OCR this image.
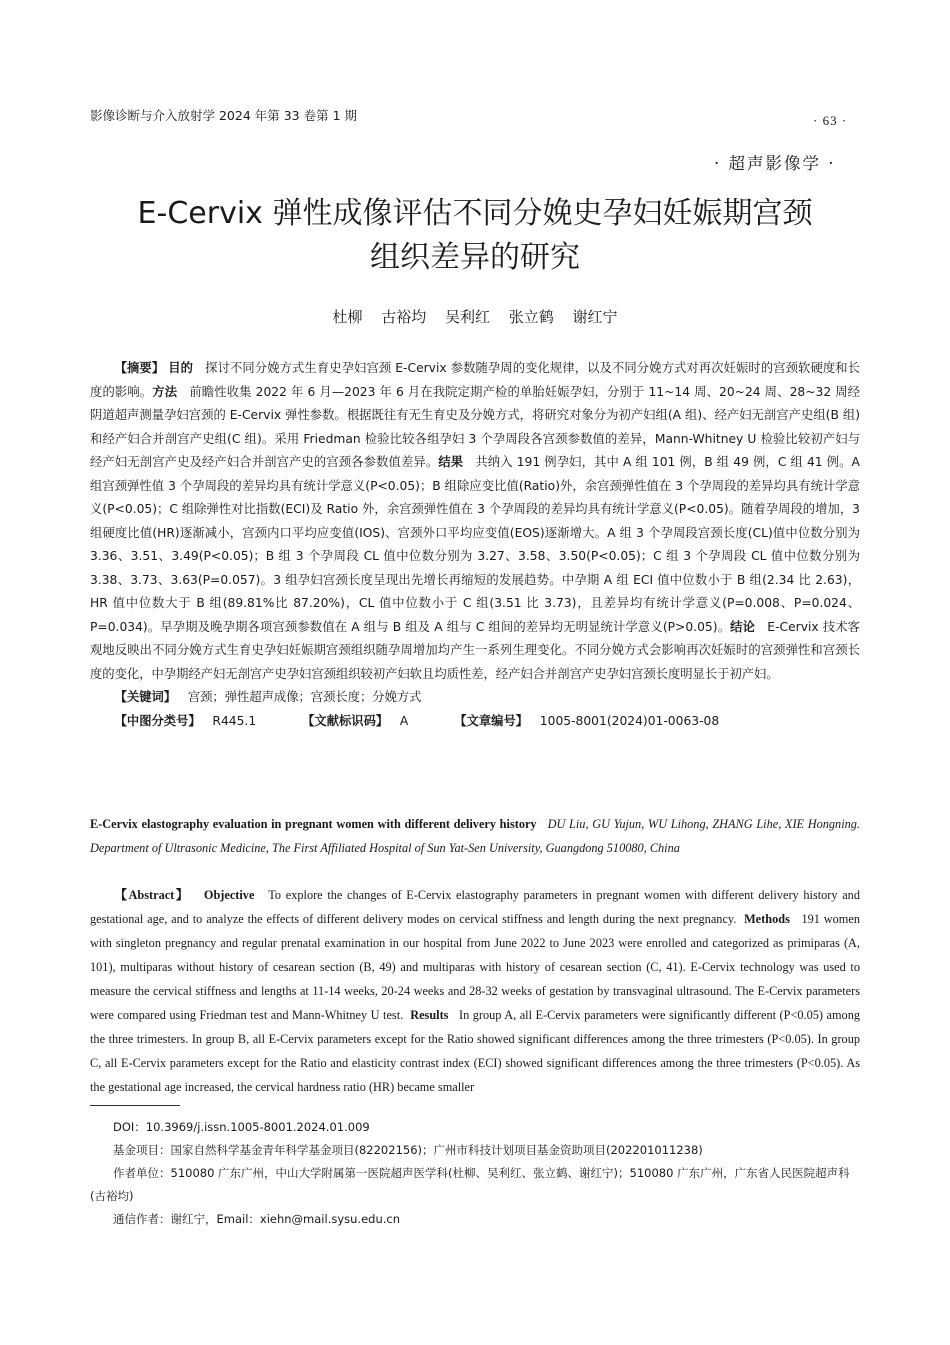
影像诊断与介入放射学 2024 年第 33 卷第 1 期	· 63 ·
· 超声影像学 ·
E-Cervix 弹性成像评估不同分娩史孕妇妊娠期宫颈
组织差异的研究
杜柳 古裕均 吴利红 张立鹤 谢红宁

【摘要】 目的 探讨不同分娩方式生育史孕妇宫颈 E-Cervix 参数随孕周的变化规律，以及不同分娩方式对再次妊娠时的宫颈软硬度和长度的影响。方法 前瞻性收集 2022 年 6 月—2023 年 6 月在我院定期产检的单胎妊娠孕妇，分别于 11~14 周、20~24 周、28~32 周经阴道超声测量孕妇宫颈的 E-Cervix 弹性参数。根据既往有无生育史及分娩方式，将研究对象分为初产妇组(A 组)、经产妇无剖宫产史组(B 组)和经产妇合并剖宫产史组(C 组)。采用 Friedman 检验比较各组孕妇 3 个孕周段各宫颈参数值的差异，Mann-Whitney U 检验比较初产妇与经产妇无剖宫产史及经产妇合并剖宫产史的宫颈各参数值差异。结果 共纳入 191 例孕妇，其中 A 组 101 例，B 组 49 例，C 组 41 例。A 组宫颈弹性值 3 个孕周段的差异均具有统计学意义(P<0.05)；B 组除应变比值(Ratio)外，余宫颈弹性值在 3 个孕周段的差异均具有统计学意义(P<0.05)；C 组除弹性对比指数(ECI)及 Ratio 外，余宫颈弹性值在 3 个孕周段的差异均具有统计学意义(P<0.05)。随着孕周段的增加，3 组硬度比值(HR)逐渐减小，宫颈内口平均应变值(IOS)、宫颈外口平均应变值(EOS)逐渐增大。A 组 3 个孕周段宫颈长度(CL)值中位数分别为 3.36、3.51、3.49(P<0.05)；B 组 3 个孕周段 CL 值中位数分别为 3.27、3.58、3.50(P<0.05)；C 组 3 个孕周段 CL 值中位数分别为 3.38、3.73、3.63(P=0.057)。3 组孕妇宫颈长度呈现出先增长再缩短的发展趋势。中孕期 A 组 ECI 值中位数小于 B 组(2.34 比 2.63)，HR 值中位数大于 B 组(89.81%比 87.20%)，CL 值中位数小于 C 组(3.51 比 3.73)，且差异均有统计学意义(P=0.008、P=0.024、P=0.034)。早孕期及晚孕期各项宫颈参数值在 A 组与 B 组及 A 组与 C 组间的差异均无明显统计学意义(P>0.05)。结论 E-Cervix 技术客观地反映出不同分娩方式生育史孕妇妊娠期宫颈组织随孕周增加均产生一系列生理变化。不同分娩方式会影响再次妊娠时的宫颈弹性和宫颈长度的变化，中孕期经产妇无剖宫产史孕妇宫颈组织较初产妇软且均质性差，经产妇合并剖宫产史孕妇宫颈长度明显长于初产妇。

【关键词】 宫颈；弹性超声成像；宫颈长度；分娩方式

【中图分类号】 R445.1	【文献标识码】 A	【文章编号】 1005-8001(2024)01-0063-08

E-Cervix elastography evaluation in pregnant women with different delivery history DU Liu, GU Yujun, WU Lihong, ZHANG Lihe, XIE Hongning. Department of Ultrasonic Medicine, The First Affiliated Hospital of Sun Yat-Sen University, Guangdong 510080, China

【Abstract】 Objective To explore the changes of E-Cervix elastography parameters in pregnant women with different delivery history and gestational age, and to analyze the effects of different delivery modes on cervical stiffness and length during the next pregnancy. Methods 191 women with singleton pregnancy and regular prenatal examination in our hospital from June 2022 to June 2023 were enrolled and categorized as primiparas (A, 101), multiparas without history of cesarean section (B, 49) and multiparas with history of cesarean section (C, 41). E-Cervix technology was used to measure the cervical stiffness and lengths at 11-14 weeks, 20-24 weeks and 28-32 weeks of gestation by transvaginal ultrasound. The E-Cervix parameters were compared using Friedman test and Mann-Whitney U test. Results In group A, all E-Cervix parameters were significantly different (P<0.05) among the three trimesters. In group B, all E-Cervix parameters except for the Ratio showed significant differences among the three trimesters (P<0.05). In group C, all E-Cervix parameters except for the Ratio and elasticity contrast index (ECI) showed significant differences among the three trimesters (P<0.05). As the gestational age increased, the cervical hardness ratio (HR) became smaller

DOI：10.3969/j.issn.1005-8001.2024.01.009

基金项目：国家自然科学基金青年科学基金项目(82202156)；广州市科技计划项目基金资助项目(202201011238)

作者单位：510080 广东广州，中山大学附属第一医院超声医学科(杜柳、吴利红、张立鹤、谢红宁)；510080 广东广州，广东省人民医院超声科(古裕均)

通信作者：谢红宁，Email：xiehn@mail.sysu.edu.cn
